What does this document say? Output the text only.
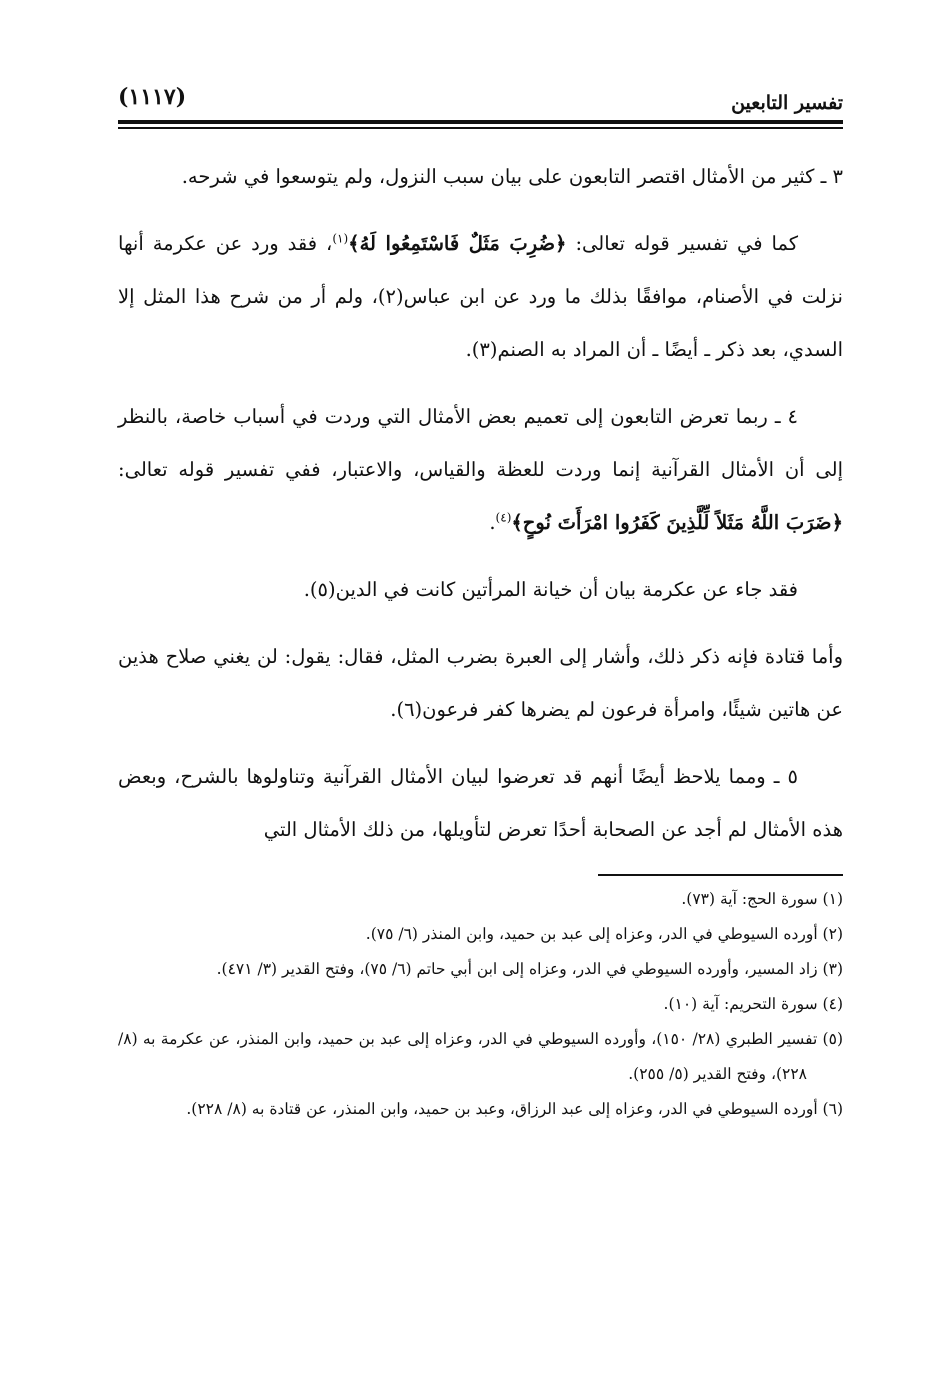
تفسير التابعين
(١١١٧)

٣ ـ كثير من الأمثال اقتصر التابعون على بيان سبب النزول، ولم يتوسعوا في شرحه.

كما في تفسير قوله تعالى: ﴿ضُرِبَ مَثَلٌ فَاسْتَمِعُوا لَهُ﴾$^{(١)}$، فقد ورد عن عكرمة أنها نزلت في الأصنام، موافقًا بذلك ما ورد عن ابن عباس(٢)، ولم أر من شرح هذا المثل إلا السدي، بعد ذكر ـ أيضًا ـ أن المراد به الصنم(٣).

٤ ـ ربما تعرض التابعون إلى تعميم بعض الأمثال التي وردت في أسباب خاصة، بالنظر إلى أن الأمثال القرآنية إنما وردت للعظة والقياس، والاعتبار، ففي تفسير قوله تعالى: ﴿ضَرَبَ اللَّهُ مَثَلاً لِّلَّذِينَ كَفَرُوا امْرَأَتَ نُوحٍ﴾$^{(٤)}$.

فقد جاء عن عكرمة بيان أن خيانة المرأتين كانت في الدين(٥).

وأما قتادة فإنه ذكر ذلك، وأشار إلى العبرة بضرب المثل، فقال: يقول: لن يغني صلاح هذين عن هاتين شيئًا، وامرأة فرعون لم يضرها كفر فرعون(٦).

٥ ـ ومما يلاحظ أيضًا أنهم قد تعرضوا لبيان الأمثال القرآنية وتناولوها بالشرح، وبعض هذه الأمثال لم أجد عن الصحابة أحدًا تعرض لتأويلها، من ذلك الأمثال التي

(١) سورة الحج: آية (٧٣).

(٢) أورده السيوطي في الدر، وعزاه إلى عبد بن حميد، وابن المنذر (٦/ ٧٥).

(٣) زاد المسير، وأورده السيوطي في الدر، وعزاه إلى ابن أبي حاتم (٦/ ٧٥)، وفتح القدير (٣/ ٤٧١).

(٤) سورة التحريم: آية (١٠).

(٥) تفسير الطبري (٢٨/ ١٥٠)، وأورده السيوطي في الدر، وعزاه إلى عبد بن حميد، وابن المنذر، عن عكرمة به (٨/ ٢٢٨)، وفتح القدير (٥/ ٢٥٥).

(٦) أورده السيوطي في الدر، وعزاه إلى عبد الرزاق، وعبد بن حميد، وابن المنذر، عن قتادة به (٨/ ٢٢٨).
